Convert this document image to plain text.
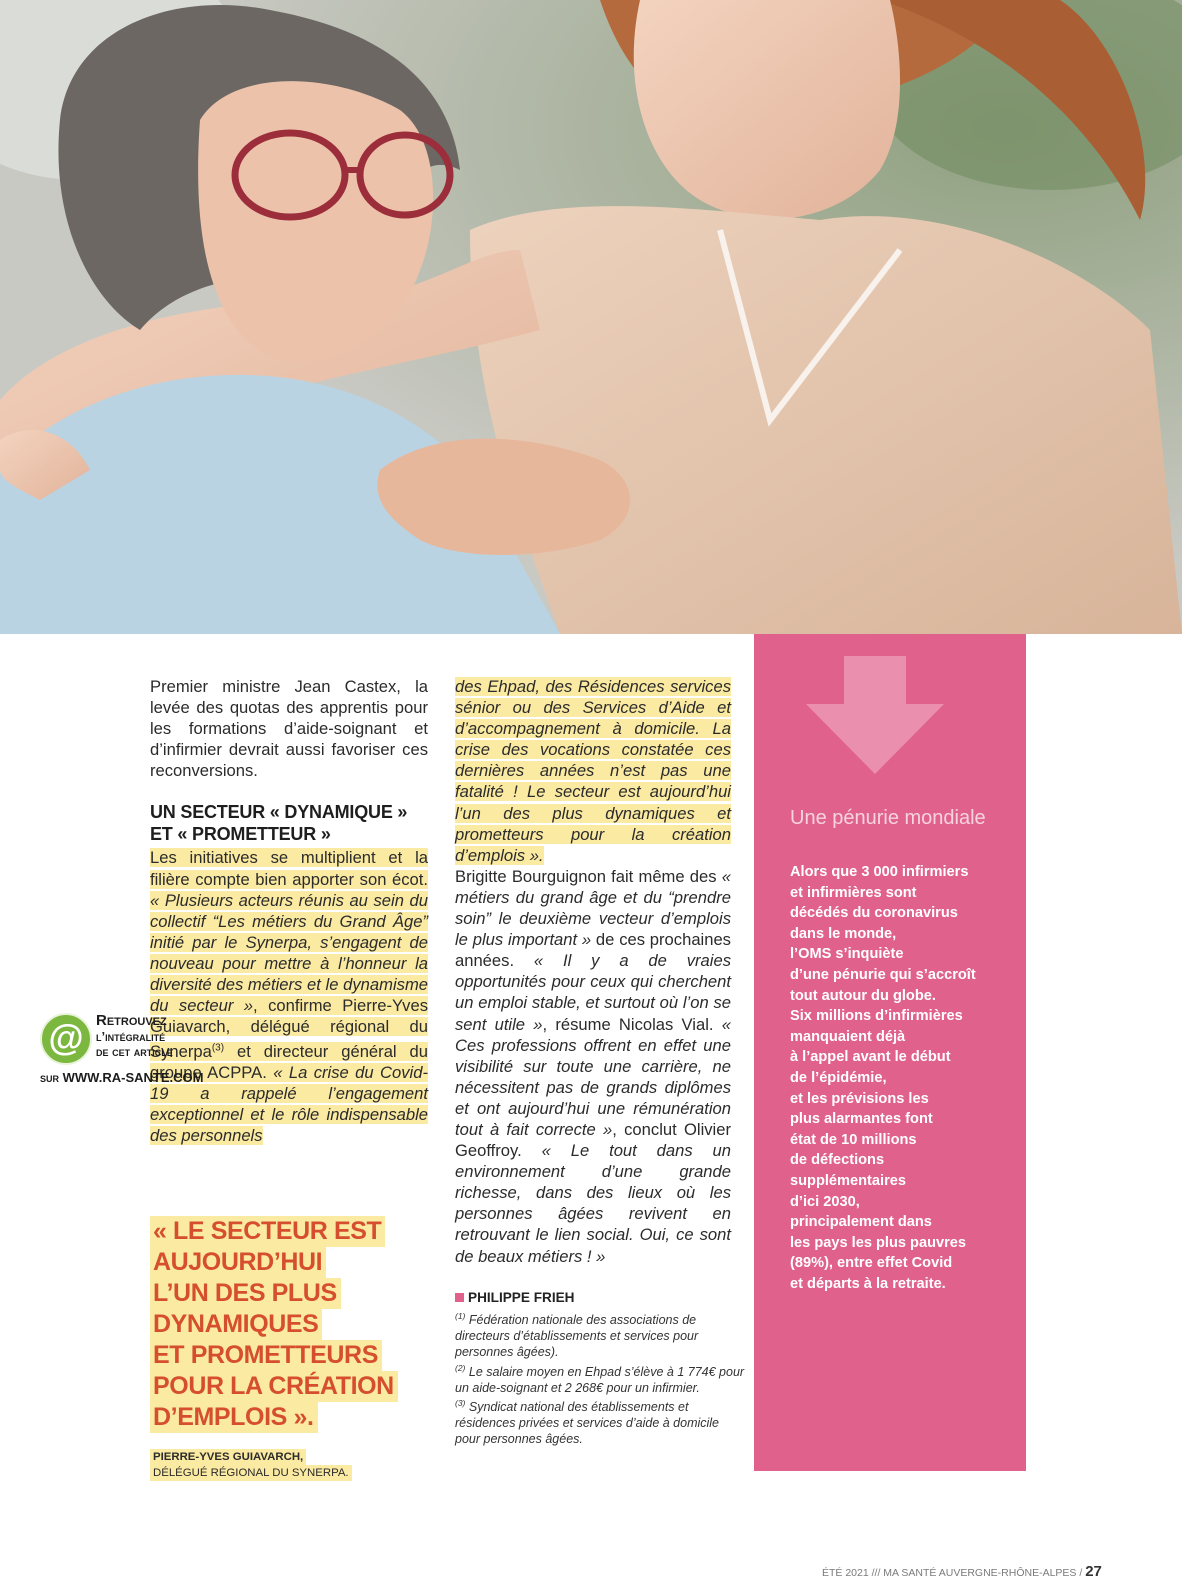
Premier ministre Jean Castex, la levée des quotas des apprentis pour les formations d’aide-soignant et d’infirmier devrait aussi favoriser ces reconversions.

UN SECTEUR « DYNAMIQUE »
ET « PROMETTEUR »

Les initiatives se multiplient et la filière compte bien apporter son écot. « Plusieurs acteurs réunis au sein du collectif “Les métiers du Grand Âge” initié par le Synerpa, s’engagent de nouveau pour mettre à l’honneur la diversité des métiers et le dynamisme du secteur », confirme Pierre-Yves Guiavarch, délégué régional du Synerpa$^{(3)}$ et directeur général du groupe ACPPA. « La crise du Covid-19 a rappelé l’engagement exceptionnel et le rôle indispensable des personnels

des Ehpad, des Résidences services sénior ou des Services d’Aide et d’accompagnement à domicile. La crise des vocations constatée ces dernières années n’est pas une fatalité ! Le secteur est aujourd’hui l’un des plus dynamiques et prometteurs pour la création d’emplois ».

Brigitte Bourguignon fait même des « métiers du grand âge et du “prendre soin” le deuxième vecteur d’emplois le plus important » de ces prochaines années. « Il y a de vraies opportunités pour ceux qui cherchent un emploi stable, et surtout où l’on se sent utile », résume Nicolas Vial. « Ces professions offrent en effet une visibilité sur toute une carrière, ne nécessitent pas de grands diplômes et ont aujourd’hui une rémunération tout à fait correcte », conclut Olivier Geoffroy. « Le tout dans un environnement d’une grande richesse, dans des lieux où les personnes âgées revivent en retrouvant le lien social. Oui, ce sont de beaux métiers ! »

« LE SECTEUR EST
AUJOURD’HUI
L’UN DES PLUS
DYNAMIQUES
ET PROMETTEURS
POUR LA CRÉATION
D’EMPLOIS ».
PIERRE-YVES GUIAVARCH,
DÉLÉGUÉ RÉGIONAL DU SYNERPA.
PHILIPPE FRIEH

$^{(1)}$ Fédération nationale des associations de directeurs d’établissements et services pour personnes âgées).

$^{(2)}$ Le salaire moyen en Ehpad s’élève à 1 774€ pour un aide-soignant et 2 268€ pour un infirmier.

$^{(3)}$ Syndicat national des établissements et résidences privées et services d’aide à domicile pour personnes âgées.

Une pénurie mondiale
Alors que 3 000 infirmiers
et infirmières sont
décédés du coronavirus
dans le monde,
l’OMS s’inquiète
d’une pénurie qui s’accroît
tout autour du globe.
Six millions d’infirmières
manquaient déjà
à l’appel avant le début
de l’épidémie,
et les prévisions les
plus alarmantes font
état de 10 millions
de défections
supplémentaires
d’ici 2030,
principalement dans
les pays les plus pauvres
(89%), entre effet Covid
et départs à la retraite.
@ Retrouvez
l’intégralité
de cet article
sur WWW.RA-SANTE.COM
ÉTÉ 2021 /// MA SANTÉ AUVERGNE-RHÔNE-ALPES / 27
